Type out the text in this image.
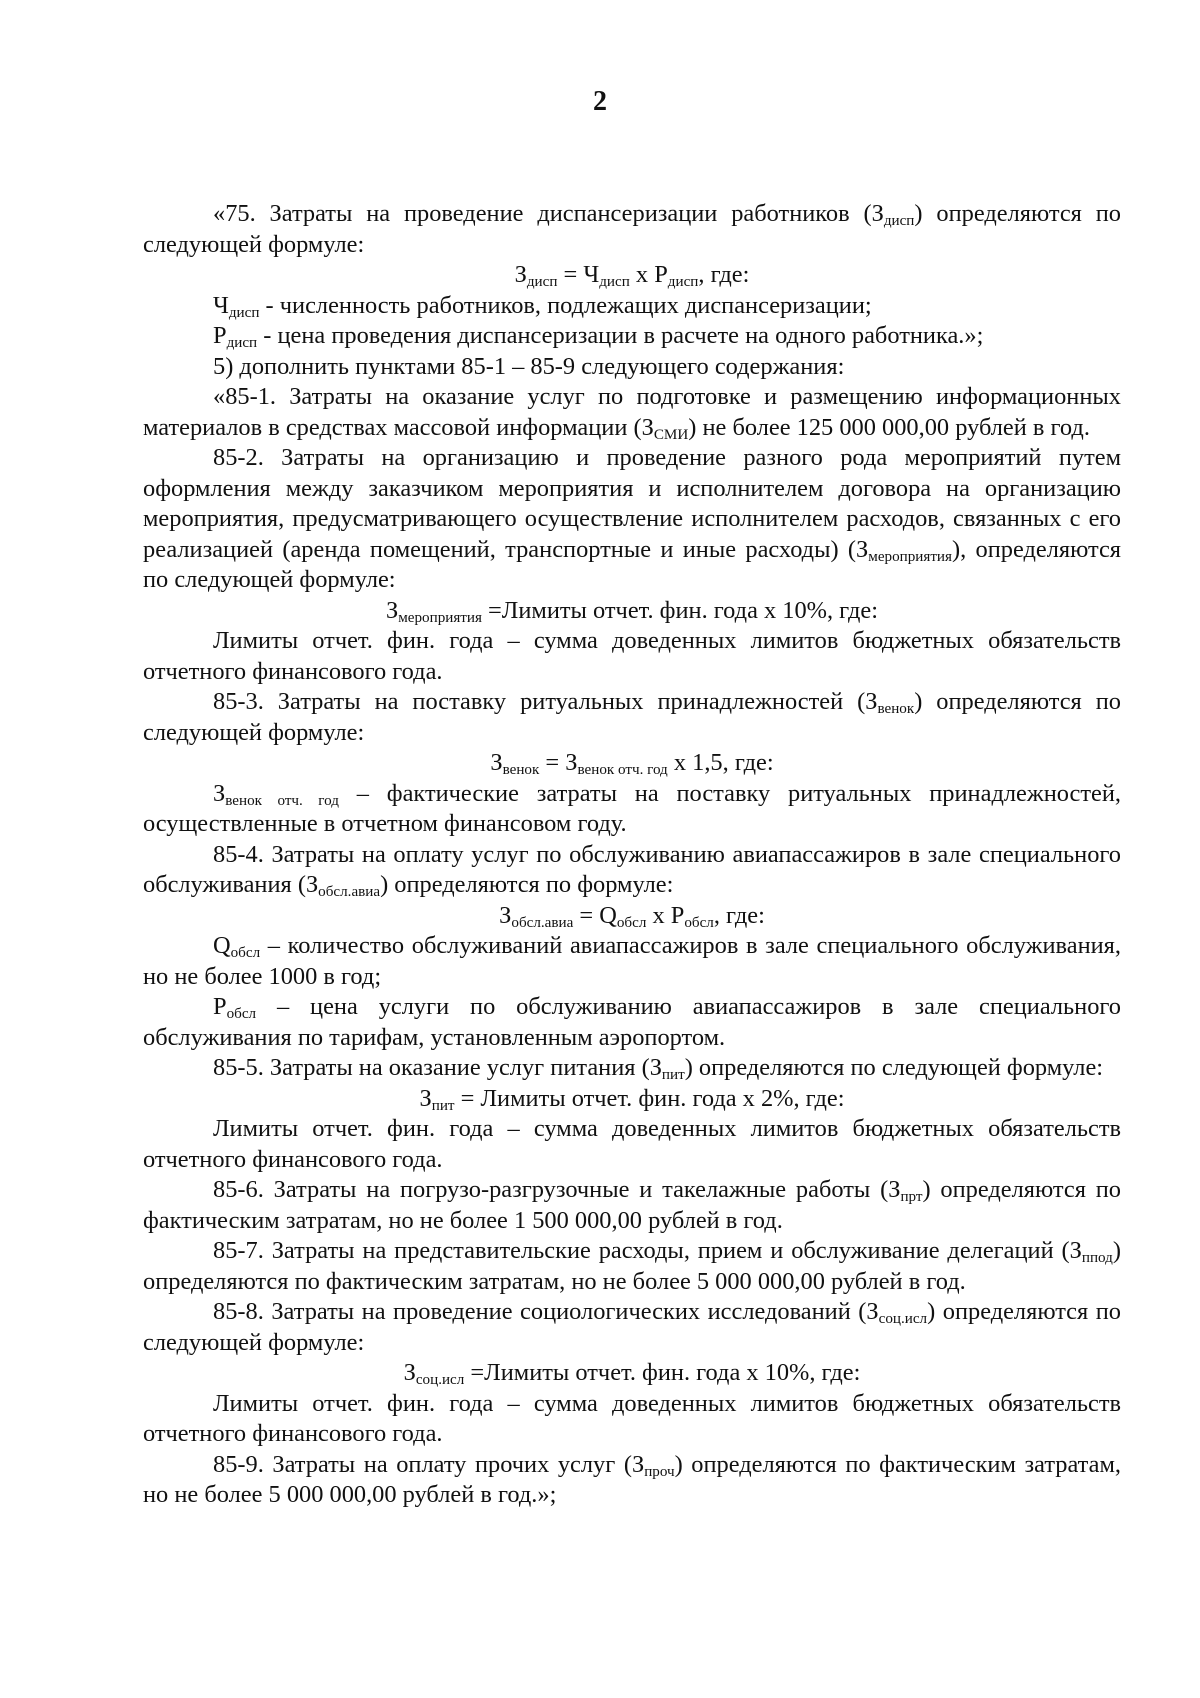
2

«75. Затраты на проведение диспансеризации работников $(З_{дисп})$ определяются по следующей формуле:

$З_{дисп} = Ч_{дисп}$ x $Р_{дисп}$, где:

$Ч_{дисп}$ - численность работников, подлежащих диспансеризации;

$Р_{дисп}$ - цена проведения диспансеризации в расчете на одного работника.»;

5) дополнить пунктами 85-1 – 85-9 следующего содержания:

«85-1. Затраты на оказание услуг по подготовке и размещению информационных материалов в средствах массовой информации $(З_{СМИ})$ не более 125 000 000,00 рублей в год.

85-2. Затраты на организацию и проведение разного рода мероприятий путем оформления между заказчиком мероприятия и исполнителем договора на организацию мероприятия, предусматривающего осуществление исполнителем расходов, связанных с его реализацией (аренда помещений, транспортные и иные расходы) $(З_{мероприятия})$, определяются по следующей формуле:

$З_{мероприятия}$ =Лимиты отчет. фин. года x 10%, где:

Лимиты отчет. фин. года – сумма доведенных лимитов бюджетных обязательств отчетного финансового года.

85-3. Затраты на поставку ритуальных принадлежностей $(З_{венок})$ определяются по следующей формуле:

$З_{венок} = З_{венок отч. год}$ x 1,5, где:

$З_{венок отч. год}$ – фактические затраты на поставку ритуальных принадлежностей, осуществленные в отчетном финансовом году.

85-4. Затраты на оплату услуг по обслуживанию авиапассажиров в зале специального обслуживания $(З_{обсл.авиа})$ определяются по формуле:

$З_{обсл.авиа} = Q_{обсл}$ x $Р_{обсл}$, где:

$Q_{обсл}$ – количество обслуживаний авиапассажиров в зале специального обслуживания, но не более 1000 в год;

$Р_{обсл}$ – цена услуги по обслуживанию авиапассажиров в зале специального обслуживания по тарифам, установленным аэропортом.

85-5. Затраты на оказание услуг питания $(З_{пит})$ определяются по следующей формуле:

$З_{пит}$ = Лимиты отчет. фин. года x 2%, где:

Лимиты отчет. фин. года – сумма доведенных лимитов бюджетных обязательств отчетного финансового года.

85-6. Затраты на погрузо-разгрузочные и такелажные работы $(З_{прт})$ определяются по фактическим затратам, но не более 1 500 000,00 рублей в год.

85-7. Затраты на представительские расходы, прием и обслуживание делегаций $(З_{ппод})$ определяются по фактическим затратам, но не более 5 000 000,00 рублей в год.

85-8. Затраты на проведение социологических исследований $(З_{соц.исл})$ определяются по следующей формуле:

$З_{соц.исл}$ =Лимиты отчет. фин. года x 10%, где:

Лимиты отчет. фин. года – сумма доведенных лимитов бюджетных обязательств отчетного финансового года.

85-9. Затраты на оплату прочих услуг $(З_{проч})$ определяются по фактическим затратам, но не более 5 000 000,00 рублей в год.»;
